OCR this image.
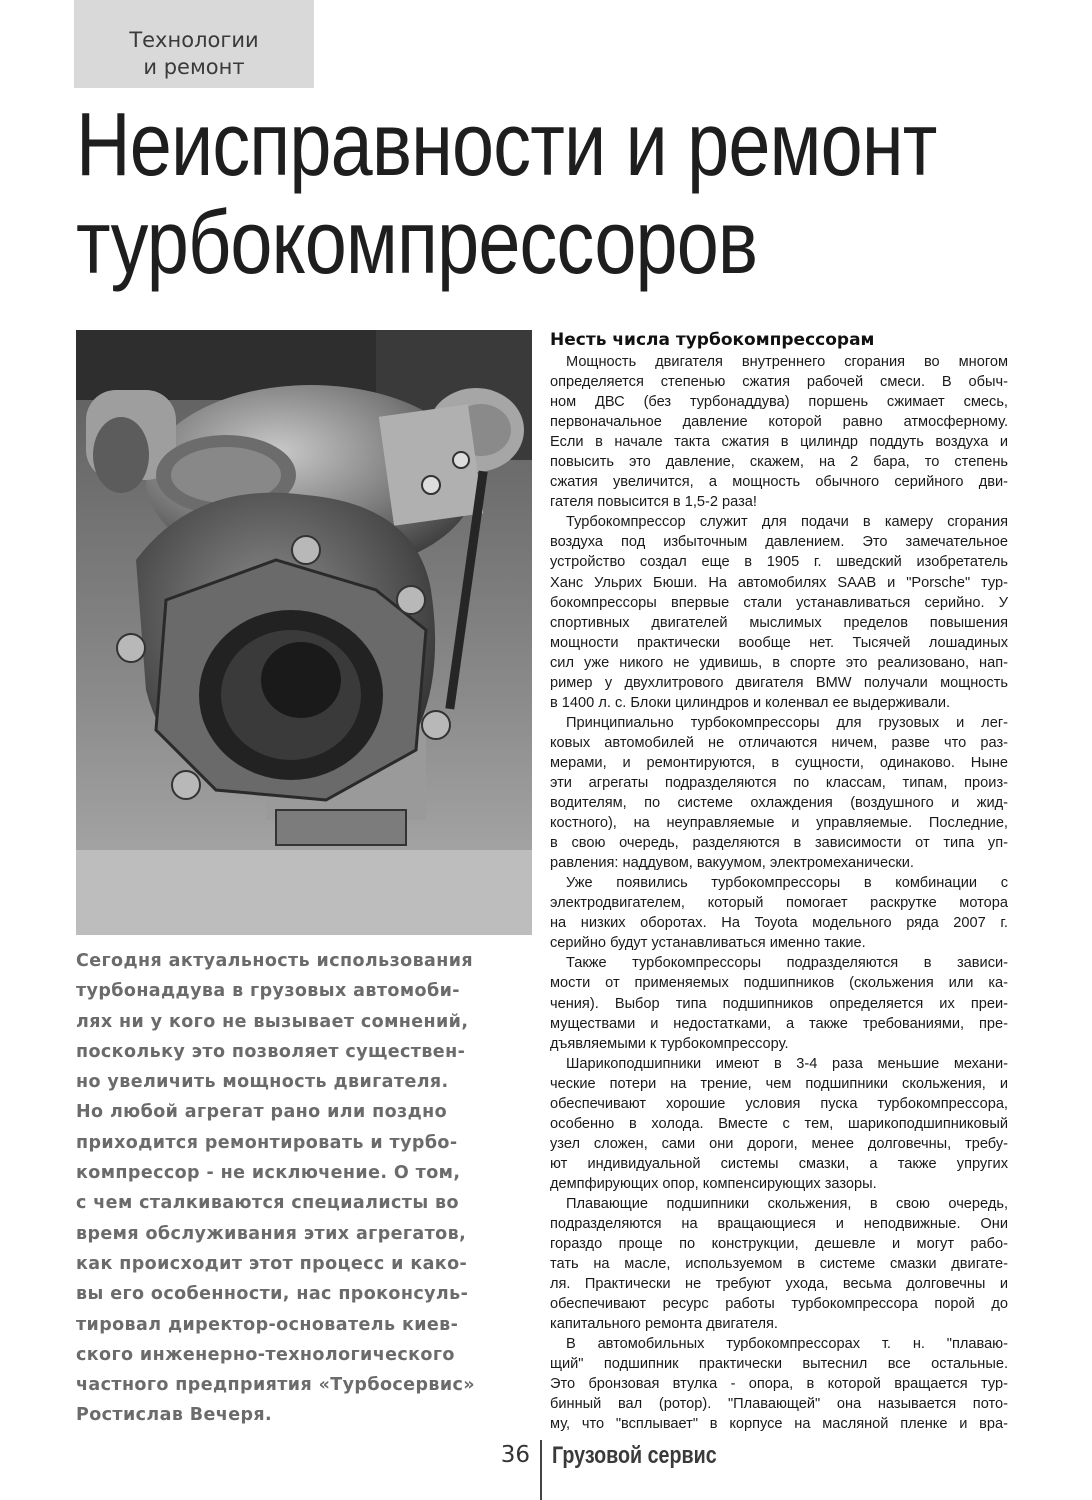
Технологии
и ремонт
Неисправности и ремонт
турбокомпрессоров
Сегодня актуальность использования
турбонаддува в грузовых автомоби-
лях ни у кого не вызывает сомнений,
поскольку это позволяет существен-
но увеличить мощность двигателя.
Но любой агрегат рано или поздно
приходится ремонтировать и турбо-
компрессор - не исключение. О том,
с чем сталкиваются специалисты во
время обслуживания этих агрегатов,
как происходит этот процесс и како-
вы его особенности, нас проконсуль-
тировал директор-основатель киев-
ского инженерно-технологического
частного предприятия «Турбосервис»
Ростислав Вечеря.
Несть числа турбокомпрессорам
Мощность двигателя внутреннего сгорания во многом
определяется степенью сжатия рабочей смеси. В обыч-
ном ДВС (без турбонаддува) поршень сжимает смесь,
первоначальное давление которой равно атмосферному.
Если в начале такта сжатия в цилиндр поддуть воздуха и
повысить это давление, скажем, на 2 бара, то степень
сжатия увеличится, а мощность обычного серийного дви-
гателя повысится в 1,5-2 раза!
Турбокомпрессор служит для подачи в камеру сгорания
воздуха под избыточным давлением. Это замечательное
устройство создал еще в 1905 г. шведский изобретатель
Ханс Ульрих Бюши. На автомобилях SAAB и "Porsche" тур-
бокомпрессоры впервые стали устанавливаться серийно. У
спортивных двигателей мыслимых пределов повышения
мощности практически вообще нет. Тысячей лошадиных
сил уже никого не удивишь, в спорте это реализовано, нап-
ример у двухлитрового двигателя BMW получали мощность
в 1400 л. с. Блоки цилиндров и коленвал ее выдерживали.
Принципиально турбокомпрессоры для грузовых и лег-
ковых автомобилей не отличаются ничем, разве что раз-
мерами, и ремонтируются, в сущности, одинаково. Ныне
эти агрегаты подразделяются по классам, типам, произ-
водителям, по системе охлаждения (воздушного и жид-
костного), на неуправляемые и управляемые. Последние,
в свою очередь, разделяются в зависимости от типа уп-
равления: наддувом, вакуумом, электромеханически.
Уже появились турбокомпрессоры в комбинации с
электродвигателем, который помогает раскрутке мотора
на низких оборотах. На Toyota модельного ряда 2007 г.
серийно будут устанавливаться именно такие.
Также турбокомпрессоры подразделяются в зависи-
мости от применяемых подшипников (скольжения или ка-
чения). Выбор типа подшипников определяется их преи-
муществами и недостатками, а также требованиями, пре-
дъявляемыми к турбокомпрессору.
Шарикоподшипники имеют в 3-4 раза меньшие механи-
ческие потери на трение, чем подшипники скольжения, и
обеспечивают хорошие условия пуска турбокомпрессора,
особенно в холода. Вместе с тем, шарикоподшипниковый
узел сложен, сами они дороги, менее долговечны, требу-
ют индивидуальной системы смазки, а также упругих
демпфирующих опор, компенсирующих зазоры.
Плавающие подшипники скольжения, в свою очередь,
подразделяются на вращающиеся и неподвижные. Они
гораздо проще по конструкции, дешевле и могут рабо-
тать на масле, используемом в системе смазки двигате-
ля. Практически не требуют ухода, весьма долговечны и
обеспечивают ресурс работы турбокомпрессора порой до
капитального ремонта двигателя.
В автомобильных турбокомпрессорах т. н. "плаваю-
щий" подшипник практически вытеснил все остальные.
Это бронзовая втулка - опора, в которой вращается тур-
бинный вал (ротор). "Плавающей" она называется пото-
му, что "всплывает" в корпусе на масляной пленке и вра-
36 Грузовой сервис
